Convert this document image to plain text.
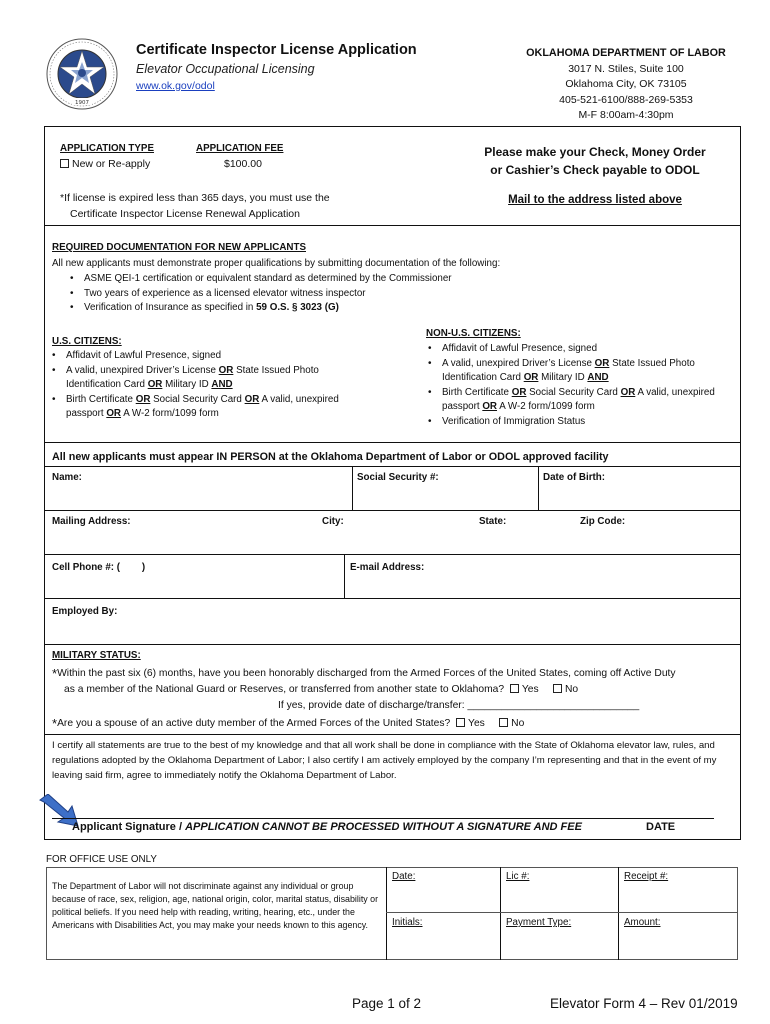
1907
Certificate Inspector License Application
Elevator Occupational Licensing
www.ok.gov/odol
OKLAHOMA DEPARTMENT OF LABOR
3017 N. Stiles, Suite 100
Oklahoma City, OK 73105
405-521-6100/888-269-5353
M-F 8:00am-4:30pm
APPLICATION TYPE
New or Re-apply
APPLICATION FEE
$100.00
*If license is expired less than 365 days, you must use the
Certificate Inspector License Renewal Application
Please make your Check, Money Order
or Cashier’s Check payable to ODOL
Mail to the address listed above
REQUIRED DOCUMENTATION FOR NEW APPLICANTS
All new applicants must demonstrate proper qualifications by submitting documentation of the following:
• ASME QEI-1 certification or equivalent standard as determined by the Commissioner
• Two years of experience as a licensed elevator witness inspector
• Verification of Insurance as specified in 59 O.S. § 3023 (G)
U.S. CITIZENS:
• Affidavit of Lawful Presence, signed
• A valid, unexpired Driver’s License OR State Issued Photo
Identification Card OR Military ID AND
• Birth Certificate OR Social Security Card OR A valid, unexpired
passport OR A W-2 form/1099 form
NON-U.S. CITIZENS:
• Affidavit of Lawful Presence, signed
• A valid, unexpired Driver’s License OR State Issued Photo
Identification Card OR Military ID AND
• Birth Certificate OR Social Security Card OR A valid, unexpired
passport OR A W-2 form/1099 form
• Verification of Immigration Status
All new applicants must appear IN PERSON at the Oklahoma Department of Labor or ODOL approved facility
Name:	Social Security #:	Date of Birth:
Mailing Address:	City:	State:	Zip Code:
Cell Phone #: (        )	E-mail Address:
Employed By:
MILITARY STATUS:
*Within the past six (6) months, have you been honorably discharged from the Armed Forces of the United States, coming off Active Duty
as a member of the National Guard or Reserves, or transferred from another state to Oklahoma? Yes	No
If yes, provide date of discharge/transfer: ______________________________
*Are you a spouse of an active duty member of the Armed Forces of the United States? Yes	No
I certify all statements are true to the best of my knowledge and that all work shall be done in compliance with the State of Oklahoma elevator law, rules, and regulations adopted by the Oklahoma Department of Labor; I also certify I am actively employed by the company I’m representing and that in the event of my leaving said firm, agree to immediately notify the Oklahoma Department of Labor.
Applicant Signature / APPLICATION CANNOT BE PROCESSED WITHOUT A SIGNATURE AND FEE	DATE
FOR OFFICE USE ONLY
The Department of Labor will not discriminate against any individual or group because of race, sex, religion, age, national origin, color, marital status, disability or political beliefs. If you need help with reading, writing, hearing, etc., under the Americans with Disabilities Act, you may make your needs known to this agency.
Date:	Lic #:	Receipt #:
Initials:	Payment Type:	Amount:
Page 1 of 2	Elevator Form 4 – Rev 01/2019
